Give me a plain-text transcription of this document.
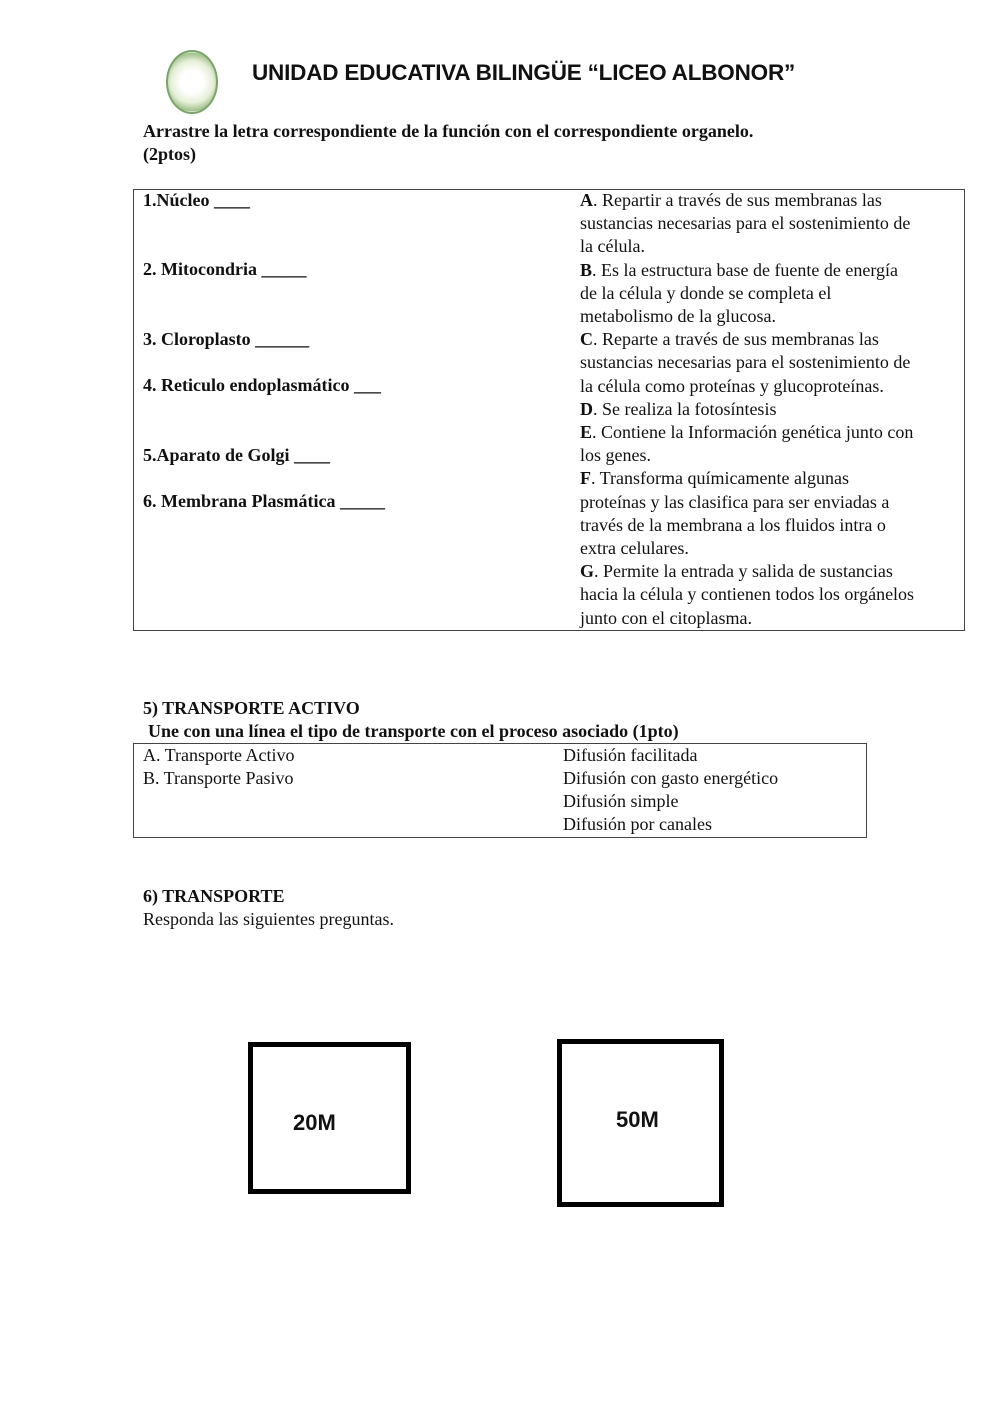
UNIDAD EDUCATIVA BILINGÜE “LICEO ALBONOR”
Arrastre la letra correspondiente de la función con el correspondiente organelo.
(2ptos)
1.Núcleo ____
2. Mitocondria _____
3. Cloroplasto ______
4. Reticulo endoplasmático ___
5.Aparato de Golgi ____
6. Membrana Plasmática _____
A. Repartir a través de sus membranas las
sustancias necesarias para el sostenimiento de
la célula.
B. Es la estructura base de fuente de energía
de la célula y donde se completa el
metabolismo de la glucosa.
C. Reparte a través de sus membranas las
sustancias necesarias para el sostenimiento de
la célula como proteínas y glucoproteínas.
D. Se realiza la fotosíntesis
E. Contiene la Información genética junto con
los genes.
F. Transforma químicamente algunas
proteínas y las clasifica para ser enviadas a
través de la membrana a los fluidos intra o
extra celulares.
G. Permite la entrada y salida de sustancias
hacia la célula y contienen todos los orgánelos
junto con el citoplasma.
5) TRANSPORTE ACTIVO
Une con una línea el tipo de transporte con el proceso asociado (1pto)
A. Transporte Activo
B. Transporte Pasivo
Difusión facilitada
Difusión con gasto energético
Difusión simple
Difusión por canales
6) TRANSPORTE
Responda las siguientes preguntas.
20M	50M
